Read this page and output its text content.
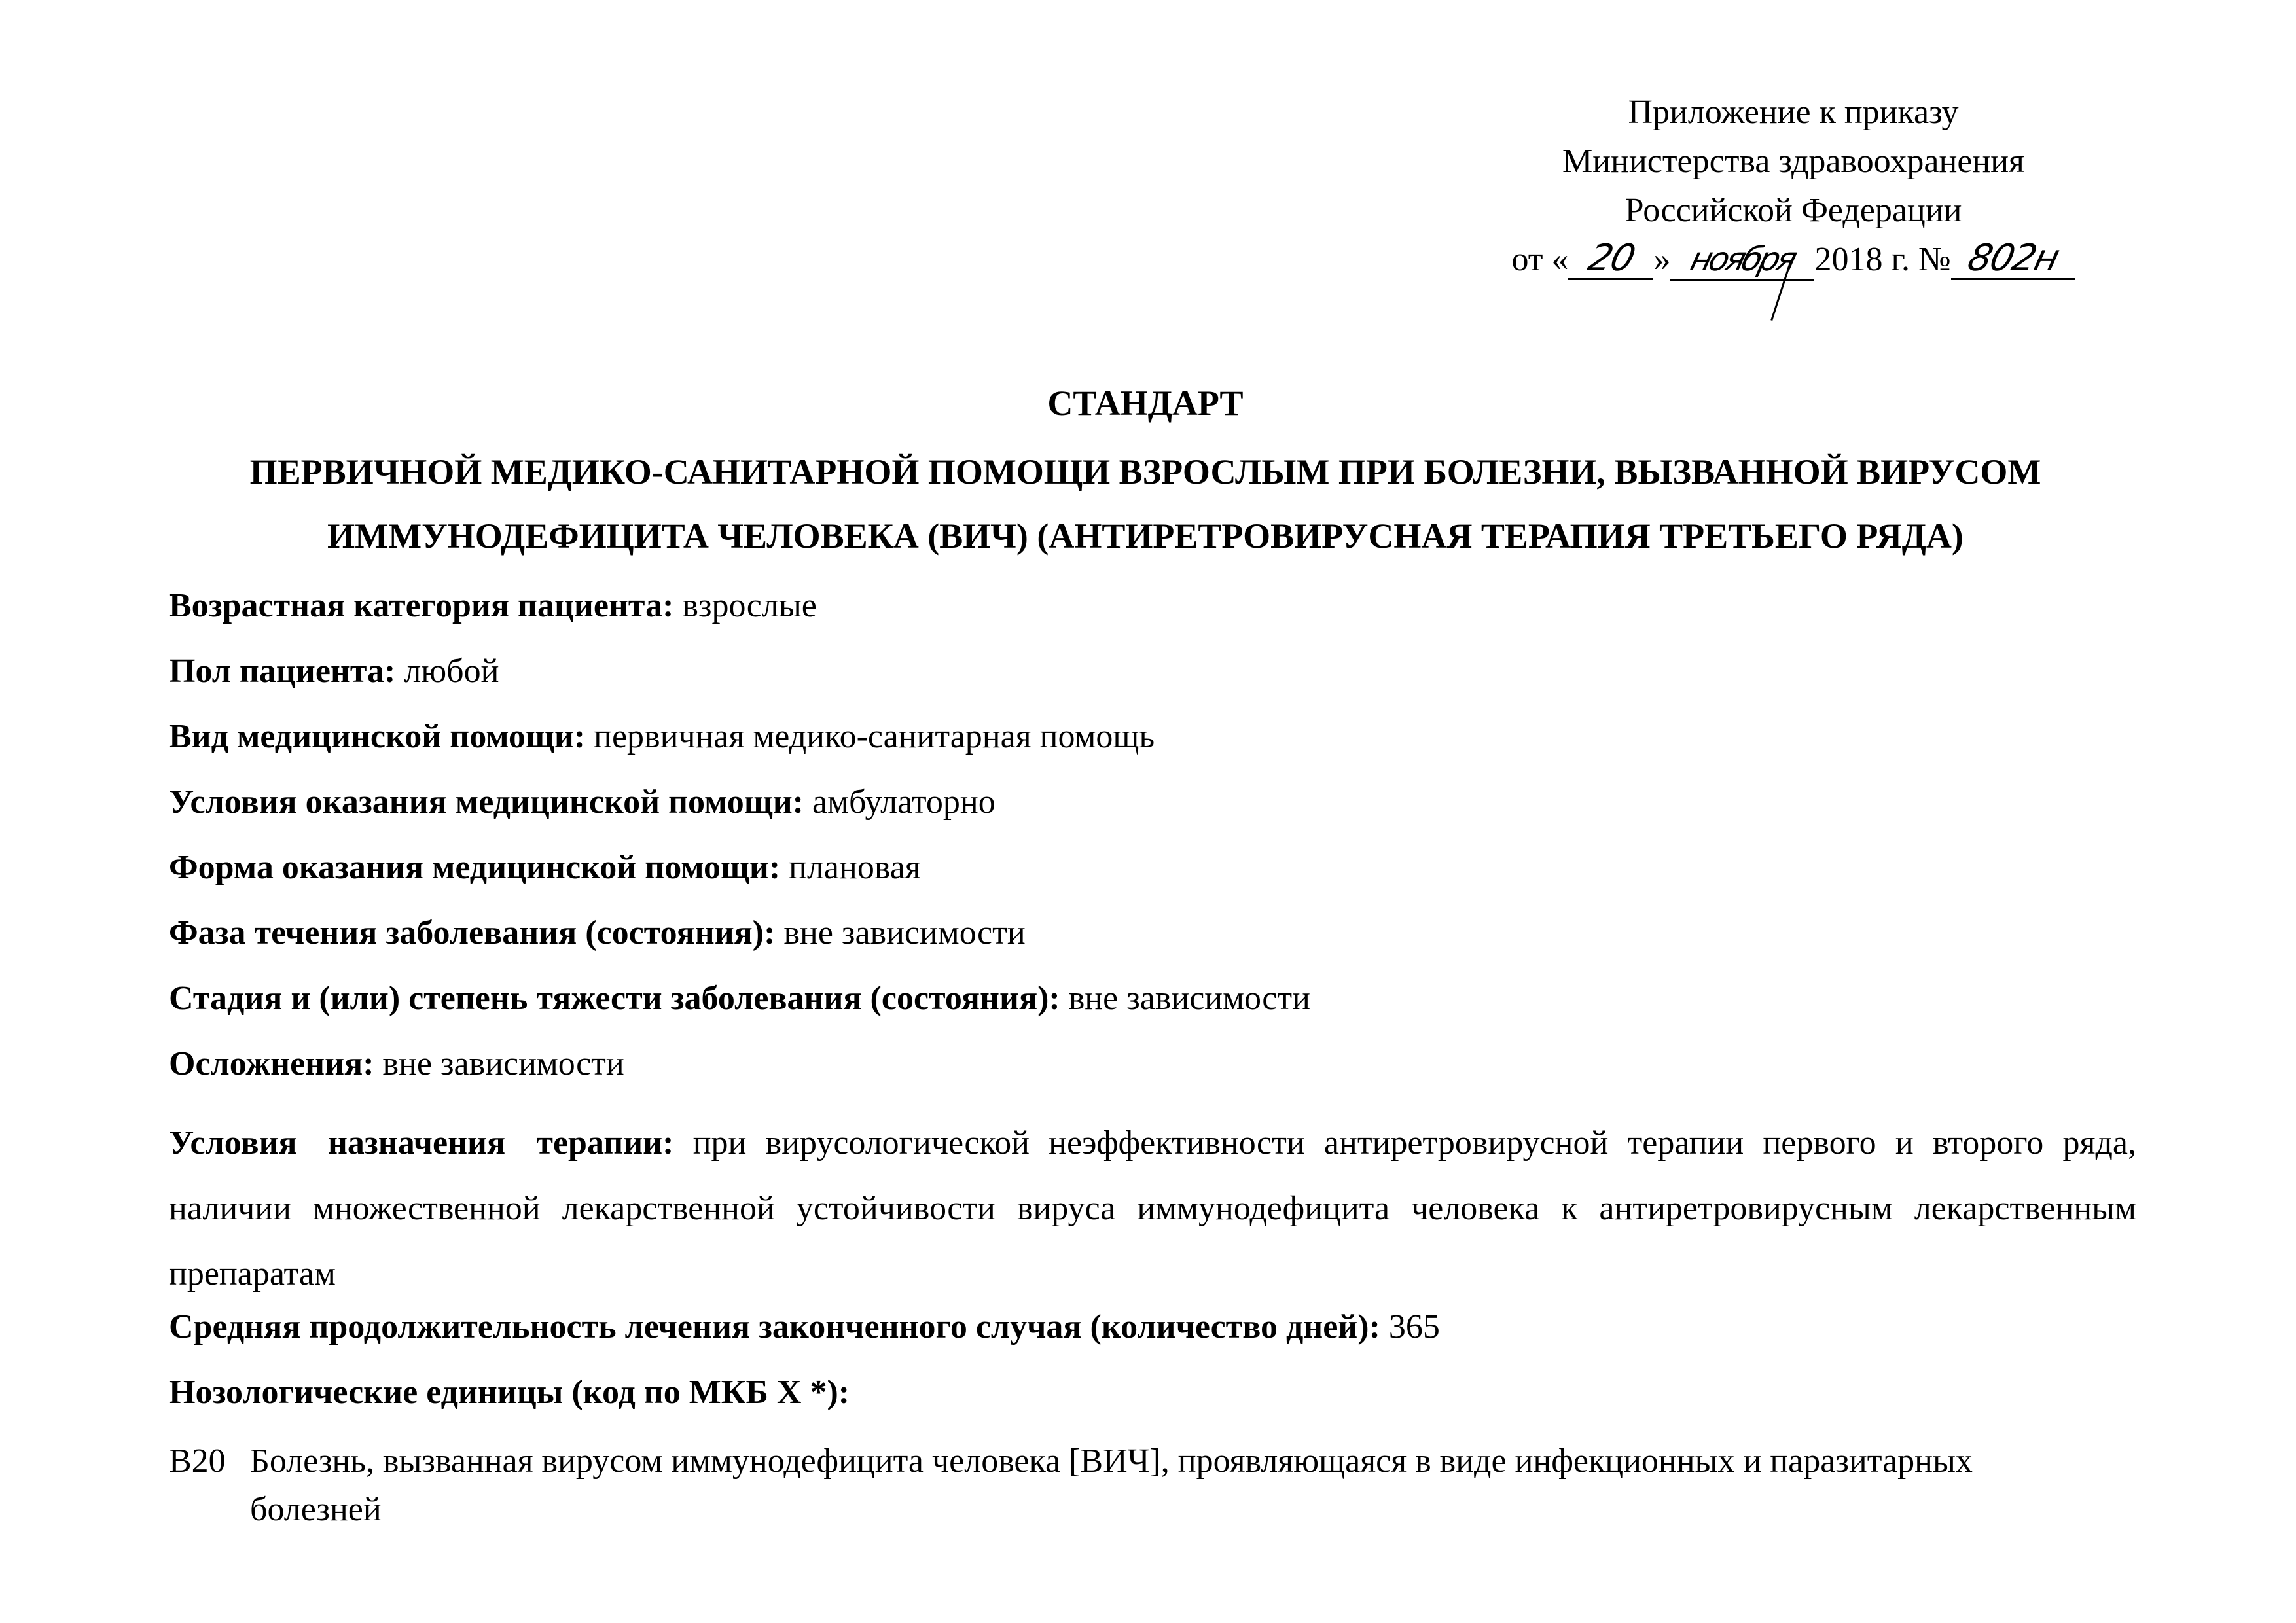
Приложение к приказу
Министерства здравоохранения
Российской Федерации
от « 20 » ноября 2018 г. № 802н
СТАНДАРТ
ПЕРВИЧНОЙ МЕДИКО-САНИТАРНОЙ ПОМОЩИ ВЗРОСЛЫМ ПРИ БОЛЕЗНИ, ВЫЗВАННОЙ ВИРУСОМ
ИММУНОДЕФИЦИТА ЧЕЛОВЕКА (ВИЧ) (АНТИРЕТРОВИРУСНАЯ ТЕРАПИЯ ТРЕТЬЕГО РЯДА)
Возрастная категория пациента: взрослые
Пол пациента: любой
Вид медицинской помощи: первичная медико-санитарная помощь
Условия оказания медицинской помощи: амбулаторно
Форма оказания медицинской помощи: плановая
Фаза течения заболевания (состояния): вне зависимости
Стадия и (или) степень тяжести заболевания (состояния): вне зависимости
Осложнения: вне зависимости
Условия назначения терапии: при вирусологической неэффективности антиретровирусной терапии первого и второго ряда, наличии множественной лекарственной устойчивости вируса иммунодефицита человека к антиретровирусным лекарственным препаратам
Средняя продолжительность лечения законченного случая (количество дней): 365
Нозологические единицы (код по МКБ X *):
B20 Болезнь, вызванная вирусом иммунодефицита человека [ВИЧ], проявляющаяся в виде инфекционных и паразитарных болезней
